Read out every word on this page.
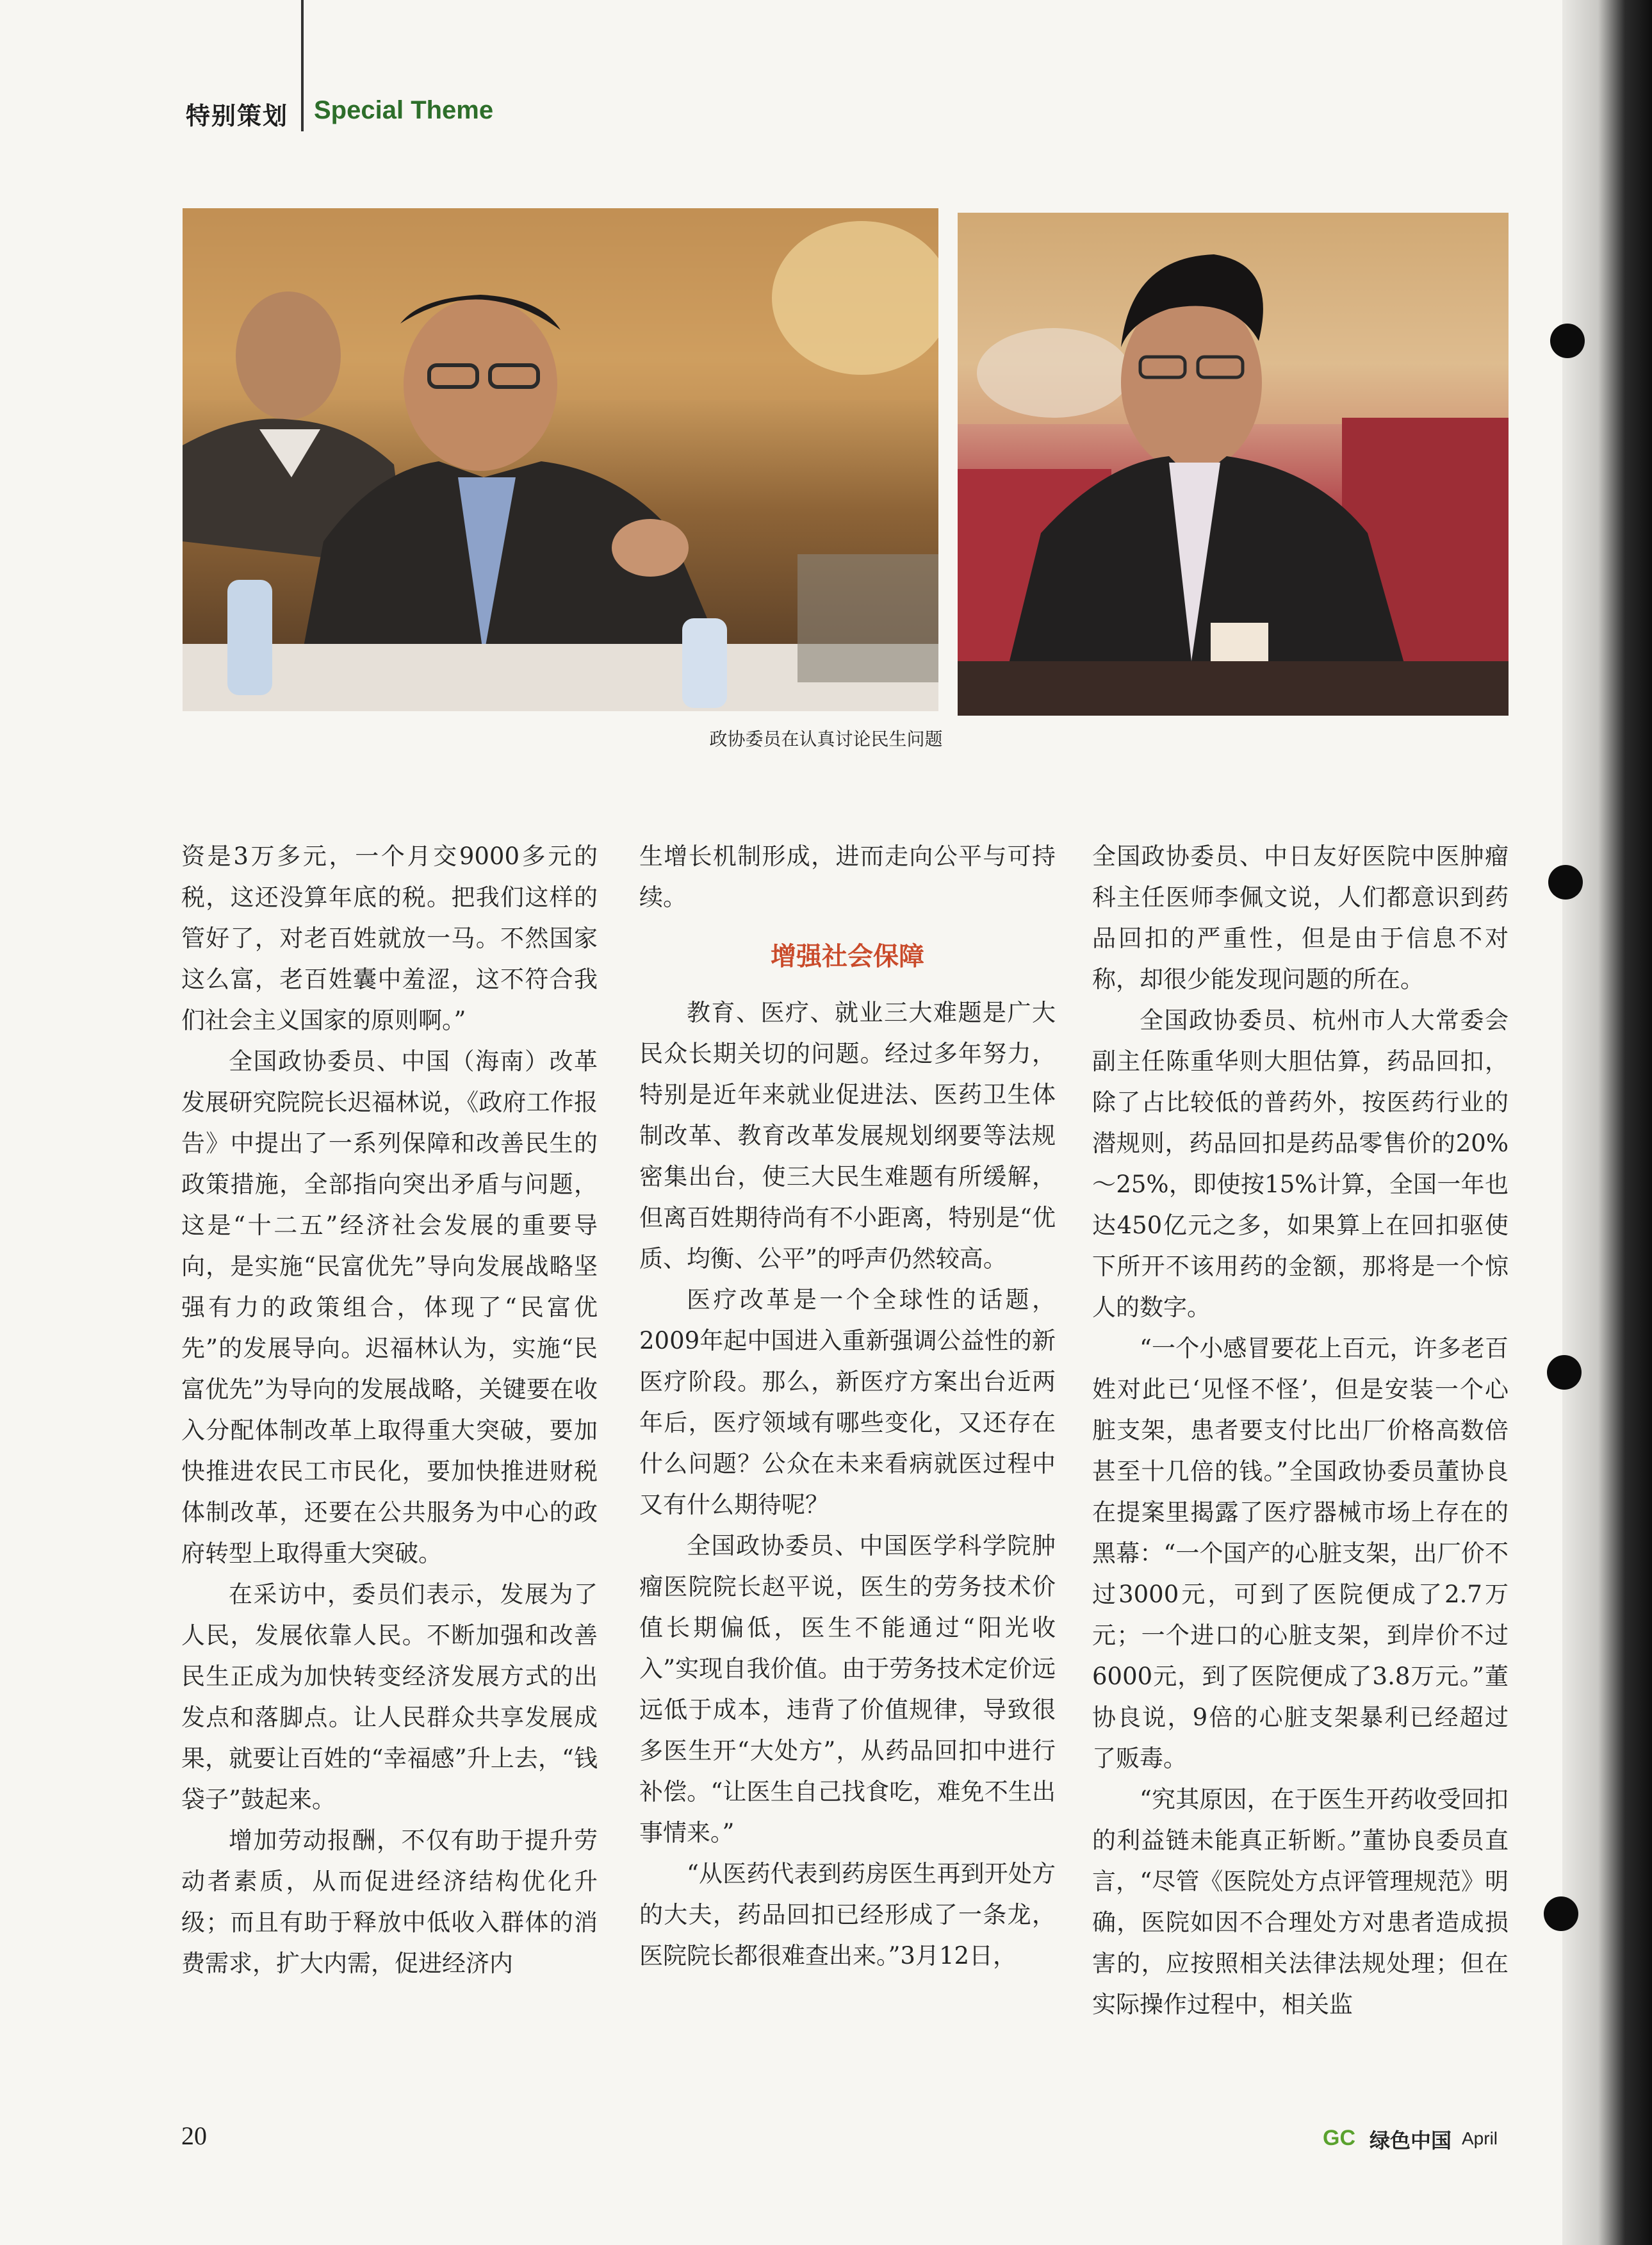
特别策划 Special Theme
政协委员在认真讨论民生问题

资是3万多元，一个月交9000多元的税，这还没算年底的税。把我们这样的管好了，对老百姓就放一马。不然国家这么富，老百姓囊中羞涩，这不符合我们社会主义国家的原则啊。”

全国政协委员、中国（海南）改革发展研究院院长迟福林说，《政府工作报告》中提出了一系列保障和改善民生的政策措施，全部指向突出矛盾与问题，这是“十二五”经济社会发展的重要导向，是实施“民富优先”导向发展战略坚强有力的政策组合，体现了“民富优先”的发展导向。迟福林认为，实施“民富优先”为导向的发展战略，关键要在收入分配体制改革上取得重大突破，要加快推进农民工市民化，要加快推进财税体制改革，还要在公共服务为中心的政府转型上取得重大突破。

在采访中，委员们表示，发展为了人民，发展依靠人民。不断加强和改善民生正成为加快转变经济发展方式的出发点和落脚点。让人民群众共享发展成果，就要让百姓的“幸福感”升上去，“钱袋子”鼓起来。

增加劳动报酬，不仅有助于提升劳动者素质，从而促进经济结构优化升级；而且有助于释放中低收入群体的消费需求，扩大内需，促进经济内

生增长机制形成，进而走向公平与可持续。

增强社会保障

教育、医疗、就业三大难题是广大民众长期关切的问题。经过多年努力，特别是近年来就业促进法、医药卫生体制改革、教育改革发展规划纲要等法规密集出台，使三大民生难题有所缓解，但离百姓期待尚有不小距离，特别是“优质、均衡、公平”的呼声仍然较高。

医疗改革是一个全球性的话题，2009年起中国进入重新强调公益性的新医疗阶段。那么，新医疗方案出台近两年后，医疗领域有哪些变化，又还存在什么问题？公众在未来看病就医过程中又有什么期待呢？

全国政协委员、中国医学科学院肿瘤医院院长赵平说，医生的劳务技术价值长期偏低，医生不能通过“阳光收入”实现自我价值。由于劳务技术定价远远低于成本，违背了价值规律，导致很多医生开“大处方”，从药品回扣中进行补偿。“让医生自己找食吃，难免不生出事情来。”

“从医药代表到药房医生再到开处方的大夫，药品回扣已经形成了一条龙，医院院长都很难查出来。”3月12日，

全国政协委员、中日友好医院中医肿瘤科主任医师李佩文说，人们都意识到药品回扣的严重性，但是由于信息不对称，却很少能发现问题的所在。

全国政协委员、杭州市人大常委会副主任陈重华则大胆估算，药品回扣，除了占比较低的普药外，按医药行业的潜规则，药品回扣是药品零售价的20%～25%，即使按15%计算，全国一年也达450亿元之多，如果算上在回扣驱使下所开不该用药的金额，那将是一个惊人的数字。

“一个小感冒要花上百元，许多老百姓对此已‘见怪不怪’，但是安装一个心脏支架，患者要支付比出厂价格高数倍甚至十几倍的钱。”全国政协委员董协良在提案里揭露了医疗器械市场上存在的黑幕：“一个国产的心脏支架，出厂价不过3000元，可到了医院便成了2.7万元；一个进口的心脏支架，到岸价不过6000元，到了医院便成了3.8万元。”董协良说，9倍的心脏支架暴利已经超过了贩毒。

“究其原因，在于医生开药收受回扣的利益链未能真正斩断。”董协良委员直言，“尽管《医院处方点评管理规范》明确，医院如因不合理处方对患者造成损害的，应按照相关法律法规处理；但在实际操作过程中，相关监

20	GC 绿色中国 April
